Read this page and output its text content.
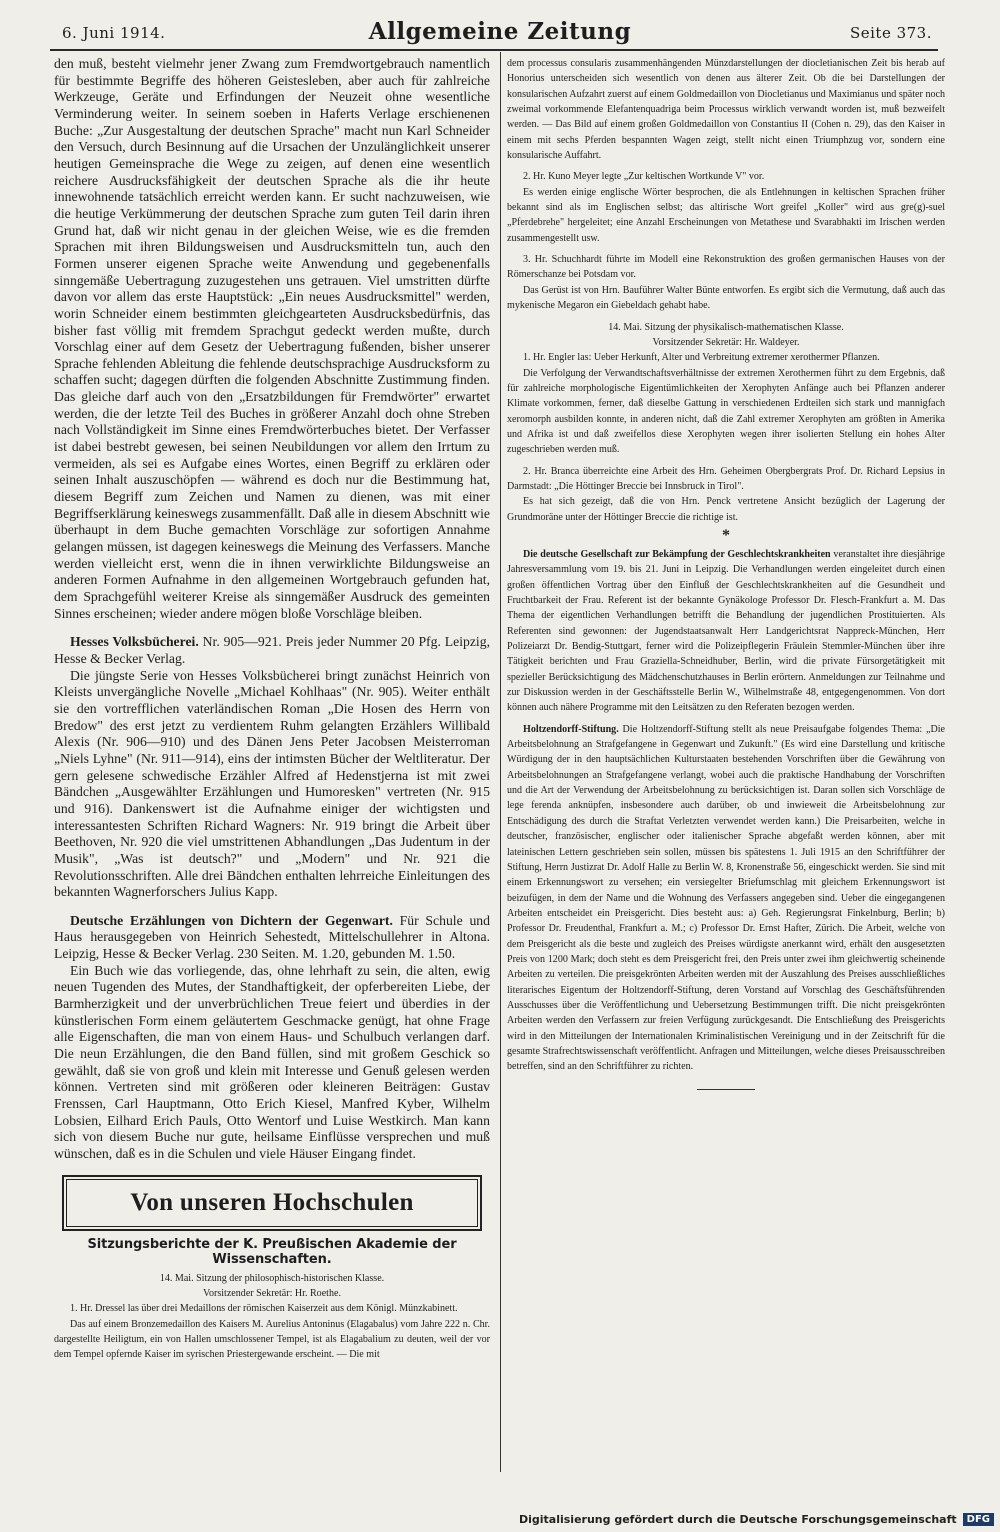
6. Juni 1914.	Allgemeine Zeitung	Seite 373.

den muß, besteht vielmehr jener Zwang zum Fremdwortgebrauch namentlich für bestimmte Begriffe des höheren Geistesleben, aber auch für zahlreiche Werkzeuge, Geräte und Erfindungen der Neuzeit ohne wesentliche Verminderung weiter. In seinem soeben in Haferts Verlage erschienenen Buche: „Zur Ausgestaltung der deutschen Sprache" macht nun Karl Schneider den Versuch, durch Besinnung auf die Ursachen der Unzulänglichkeit unserer heutigen Gemeinsprache die Wege zu zeigen, auf denen eine wesentlich reichere Ausdrucksfähigkeit der deutschen Sprache als die ihr heute innewohnende tatsächlich erreicht werden kann. Er sucht nachzuweisen, wie die heutige Verkümmerung der deutschen Sprache zum guten Teil darin ihren Grund hat, daß wir nicht genau in der gleichen Weise, wie es die fremden Sprachen mit ihren Bildungsweisen und Ausdrucksmitteln tun, auch den Formen unserer eigenen Sprache weite Anwendung und gegebenenfalls sinngemäße Uebertragung zuzugestehen uns getrauen. Viel umstritten dürfte davon vor allem das erste Hauptstück: „Ein neues Ausdrucksmittel" werden, worin Schneider einem bestimmten gleichgearteten Ausdrucksbedürfnis, das bisher fast völlig mit fremdem Sprachgut gedeckt werden mußte, durch Vorschlag einer auf dem Gesetz der Uebertragung fußenden, bisher unserer Sprache fehlenden Ableitung die fehlende deutschsprachige Ausdrucksform zu schaffen sucht; dagegen dürften die folgenden Abschnitte Zustimmung finden. Das gleiche darf auch von den „Ersatzbildungen für Fremdwörter" erwartet werden, die der letzte Teil des Buches in größerer Anzahl doch ohne Streben nach Vollständigkeit im Sinne eines Fremdwörterbuches bietet. Der Verfasser ist dabei bestrebt gewesen, bei seinen Neubildungen vor allem den Irrtum zu vermeiden, als sei es Aufgabe eines Wortes, einen Begriff zu erklären oder seinen Inhalt auszuschöpfen — während es doch nur die Bestimmung hat, diesem Begriff zum Zeichen und Namen zu dienen, was mit einer Begriffserklärung keineswegs zusammenfällt. Daß alle in diesem Abschnitt wie überhaupt in dem Buche gemachten Vorschläge zur sofortigen Annahme gelangen müssen, ist dagegen keineswegs die Meinung des Verfassers. Manche werden vielleicht erst, wenn die in ihnen verwirklichte Bildungsweise an anderen Formen Aufnahme in den allgemeinen Wortgebrauch gefunden hat, dem Sprachgefühl weiterer Kreise als sinngemäßer Ausdruck des gemeinten Sinnes erscheinen; wieder andere mögen bloße Vorschläge bleiben.

Hesses Volksbücherei. Nr. 905—921. Preis jeder Nummer 20 Pfg. Leipzig, Hesse & Becker Verlag.

Die jüngste Serie von Hesses Volksbücherei bringt zunächst Heinrich von Kleists unvergängliche Novelle „Michael Kohlhaas" (Nr. 905). Weiter enthält sie den vortrefflichen vaterländischen Roman „Die Hosen des Herrn von Bredow" des erst jetzt zu verdientem Ruhm gelangten Erzählers Willibald Alexis (Nr. 906—910) und des Dänen Jens Peter Jacobsen Meisterroman „Niels Lyhne" (Nr. 911—914), eins der intimsten Bücher der Weltliteratur. Der gern gelesene schwedische Erzähler Alfred af Hedenstjerna ist mit zwei Bändchen „Ausgewählter Erzählungen und Humoresken" vertreten (Nr. 915 und 916). Dankenswert ist die Aufnahme einiger der wichtigsten und interessantesten Schriften Richard Wagners: Nr. 919 bringt die Arbeit über Beethoven, Nr. 920 die viel umstrittenen Abhandlungen „Das Judentum in der Musik", „Was ist deutsch?" und „Modern" und Nr. 921 die Revolutionsschriften. Alle drei Bändchen enthalten lehrreiche Einleitungen des bekannten Wagnerforschers Julius Kapp.

Deutsche Erzählungen von Dichtern der Gegenwart. Für Schule und Haus herausgegeben von Heinrich Sehestedt, Mittelschullehrer in Altona. Leipzig, Hesse & Becker Verlag. 230 Seiten. M. 1.20, gebunden M. 1.50.

Ein Buch wie das vorliegende, das, ohne lehrhaft zu sein, die alten, ewig neuen Tugenden des Mutes, der Standhaftigkeit, der opferbereiten Liebe, der Barmherzigkeit und der unverbrüchlichen Treue feiert und überdies in der künstlerischen Form einem geläutertem Geschmacke genügt, hat ohne Frage alle Eigenschaften, die man von einem Haus- und Schulbuch verlangen darf. Die neun Erzählungen, die den Band füllen, sind mit großem Geschick so gewählt, daß sie von groß und klein mit Interesse und Genuß gelesen werden können. Vertreten sind mit größeren oder kleineren Beiträgen: Gustav Frenssen, Carl Hauptmann, Otto Erich Kiesel, Manfred Kyber, Wilhelm Lobsien, Eilhard Erich Pauls, Otto Wentorf und Luise Westkirch. Man kann sich von diesem Buche nur gute, heilsame Einflüsse versprechen und muß wünschen, daß es in die Schulen und viele Häuser Eingang findet.

Von unseren Hochschulen
Sitzungsberichte der K. Preußischen Akademie der Wissenschaften.

14. Mai. Sitzung der philosophisch-historischen Klasse.

Vorsitzender Sekretär: Hr. Roethe.

1. Hr. Dressel las über drei Medaillons der römischen Kaiserzeit aus dem Königl. Münzkabinett.

Das auf einem Bronzemedaillon des Kaisers M. Aurelius Antoninus (Elagabalus) vom Jahre 222 n. Chr. dargestellte Heiligtum, ein von Hallen umschlossener Tempel, ist als Elagabalium zu deuten, weil der vor dem Tempel opfernde Kaiser im syrischen Priestergewande erscheint. — Die mit

dem processus consularis zusammenhängenden Münzdarstellungen der diocletianischen Zeit bis herab auf Honorius unterscheiden sich wesentlich von denen aus älterer Zeit. Ob die bei Darstellungen der konsularischen Aufzahrt zuerst auf einem Goldmedaillon von Diocletianus und Maximianus und später noch zweimal vorkommende Elefantenquadriga beim Processus wirklich verwandt worden ist, muß bezweifelt werden. — Das Bild auf einem großen Goldmedaillon von Constantius II (Cohen n. 29), das den Kaiser in einem mit sechs Pferden bespannten Wagen zeigt, stellt nicht einen Triumphzug vor, sondern eine konsularische Auffahrt.

2. Hr. Kuno Meyer legte „Zur keltischen Wortkunde V" vor.

Es werden einige englische Wörter besprochen, die als Entlehnungen in keltischen Sprachen früher bekannt sind als im Englischen selbst; das altirische Wort greifel „Koller" wird aus gre(g)-suel „Pferdebrehe" hergeleitet; eine Anzahl Erscheinungen von Metathese und Svarabhakti im Irischen werden zusammengestellt usw.

3. Hr. Schuchhardt führte im Modell eine Rekonstruktion des großen germanischen Hauses von der Römerschanze bei Potsdam vor.

Das Gerüst ist von Hrn. Bauführer Walter Bünte entworfen. Es ergibt sich die Vermutung, daß auch das mykenische Megaron ein Giebeldach gehabt habe.

14. Mai. Sitzung der physikalisch-mathematischen Klasse.

Vorsitzender Sekretär: Hr. Waldeyer.

1. Hr. Engler las: Ueber Herkunft, Alter und Verbreitung extremer xerothermer Pflanzen.

Die Verfolgung der Verwandtschaftsverhältnisse der extremen Xerothermen führt zu dem Ergebnis, daß für zahlreiche morphologische Eigentümlichkeiten der Xerophyten Anfänge auch bei Pflanzen anderer Klimate vorkommen, ferner, daß dieselbe Gattung in verschiedenen Erdteilen sich stark und mannigfach xeromorph ausbilden konnte, in anderen nicht, daß die Zahl extremer Xerophyten am größten in Amerika und Afrika ist und daß zweifellos diese Xerophyten wegen ihrer isolierten Stellung ein hohes Alter zugeschrieben werden muß.

2. Hr. Branca überreichte eine Arbeit des Hrn. Geheimen Obergbergrats Prof. Dr. Richard Lepsius in Darmstadt: „Die Höttinger Breccie bei Innsbruck in Tirol".

Es hat sich gezeigt, daß die von Hrn. Penck vertretene Ansicht bezüglich der Lagerung der Grundmoräne unter der Höttinger Breccie die richtige ist.

*

Die deutsche Gesellschaft zur Bekämpfung der Geschlechtskrankheiten veranstaltet ihre diesjährige Jahresversammlung vom 19. bis 21. Juni in Leipzig. Die Verhandlungen werden eingeleitet durch einen großen öffentlichen Vortrag über den Einfluß der Geschlechtskrankheiten auf die Gesundheit und Fruchtbarkeit der Frau. Referent ist der bekannte Gynäkologe Professor Dr. Flesch-Frankfurt a. M. Das Thema der eigentlichen Verhandlungen betrifft die Behandlung der jugendlichen Prostituierten. Als Referenten sind gewonnen: der Jugendstaatsanwalt Herr Landgerichtsrat Nappreck-München, Herr Polizeiarzt Dr. Bendig-Stuttgart, ferner wird die Polizeipflegerin Fräulein Stemmler-München über ihre Tätigkeit berichten und Frau Graziella-Schneidhuber, Berlin, wird die private Fürsorgetätigkeit mit spezieller Berücksichtigung des Mädchenschutzhauses in Berlin erörtern. Anmeldungen zur Teilnahme und zur Diskussion werden in der Geschäftsstelle Berlin W., Wilhelmstraße 48, entgegengenommen. Von dort können auch nähere Programme mit den Leitsätzen zu den Referaten bezogen werden.

Holtzendorff-Stiftung. Die Holtzendorff-Stiftung stellt als neue Preisaufgabe folgendes Thema: „Die Arbeitsbelohnung an Strafgefangene in Gegenwart und Zukunft." (Es wird eine Darstellung und kritische Würdigung der in den hauptsächlichen Kulturstaaten bestehenden Vorschriften über die Gewährung von Arbeitsbelohnungen an Strafgefangene verlangt, wobei auch die praktische Handhabung der Vorschriften und die Art der Verwendung der Arbeitsbelohnung zu berücksichtigen ist. Daran sollen sich Vorschläge de lege ferenda anknüpfen, insbesondere auch darüber, ob und inwieweit die Arbeitsbelohnung zur Entschädigung des durch die Straftat Verletzten verwendet werden kann.) Die Preisarbeiten, welche in deutscher, französischer, englischer oder italienischer Sprache abgefaßt werden können, aber mit lateinischen Lettern geschrieben sein sollen, müssen bis spätestens 1. Juli 1915 an den Schriftführer der Stiftung, Herrn Justizrat Dr. Adolf Halle zu Berlin W. 8, Kronenstraße 56, eingeschickt werden. Sie sind mit einem Erkennungswort zu versehen; ein versiegelter Briefumschlag mit gleichem Erkennungswort ist beizufügen, in dem der Name und die Wohnung des Verfassers angegeben sind. Ueber die eingegangenen Arbeiten entscheidet ein Preisgericht. Dies besteht aus: a) Geh. Regierungsrat Finkelnburg, Berlin; b) Professor Dr. Freudenthal, Frankfurt a. M.; c) Professor Dr. Ernst Hafter, Zürich. Die Arbeit, welche von dem Preisgericht als die beste und zugleich des Preises würdigste anerkannt wird, erhält den ausgesetzten Preis von 1200 Mark; doch steht es dem Preisgericht frei, den Preis unter zwei ihm gleichwertig scheinende Arbeiten zu verteilen. Die preisgekrönten Arbeiten werden mit der Auszahlung des Preises ausschließliches literarisches Eigentum der Holtzendorff-Stiftung, deren Vorstand auf Vorschlag des Geschäftsführenden Ausschusses über die Veröffentlichung und Uebersetzung Bestimmungen trifft. Die nicht preisgekrönten Arbeiten werden den Verfassern zur freien Verfügung zurückgesandt. Die Entschließung des Preisgerichts wird in den Mitteilungen der Internationalen Kriminalistischen Vereinigung und in der Zeitschrift für die gesamte Strafrechtswissenschaft veröffentlicht. Anfragen und Mitteilungen, welche dieses Preisausschreiben betreffen, sind an den Schriftführer zu richten.

Digitalisierung gefördert durch die Deutsche Forschungsgemeinschaft	DFG
